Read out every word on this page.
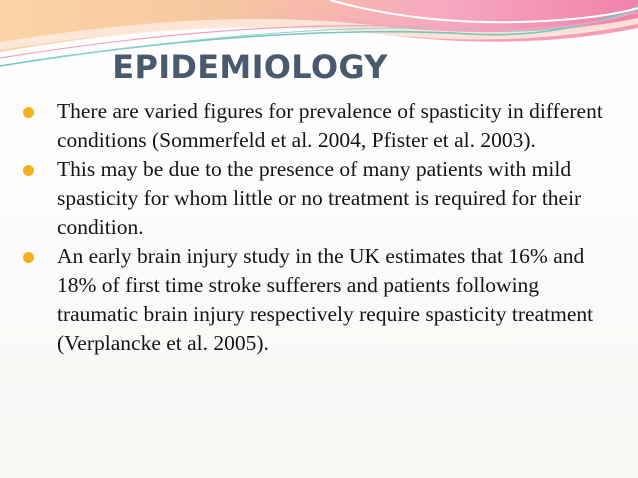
EPIDEMIOLOGY
There are varied figures for prevalence of spasticity in different conditions (Sommerfeld et al. 2004, Pfister et al. 2003).
This may be due to the presence of many patients with mild spasticity for whom little or no treatment is required for their condition.
An early brain injury study in the UK estimates that 16% and 18% of first time stroke sufferers and patients following traumatic brain injury respectively require spasticity treatment (Verplancke et al. 2005).
